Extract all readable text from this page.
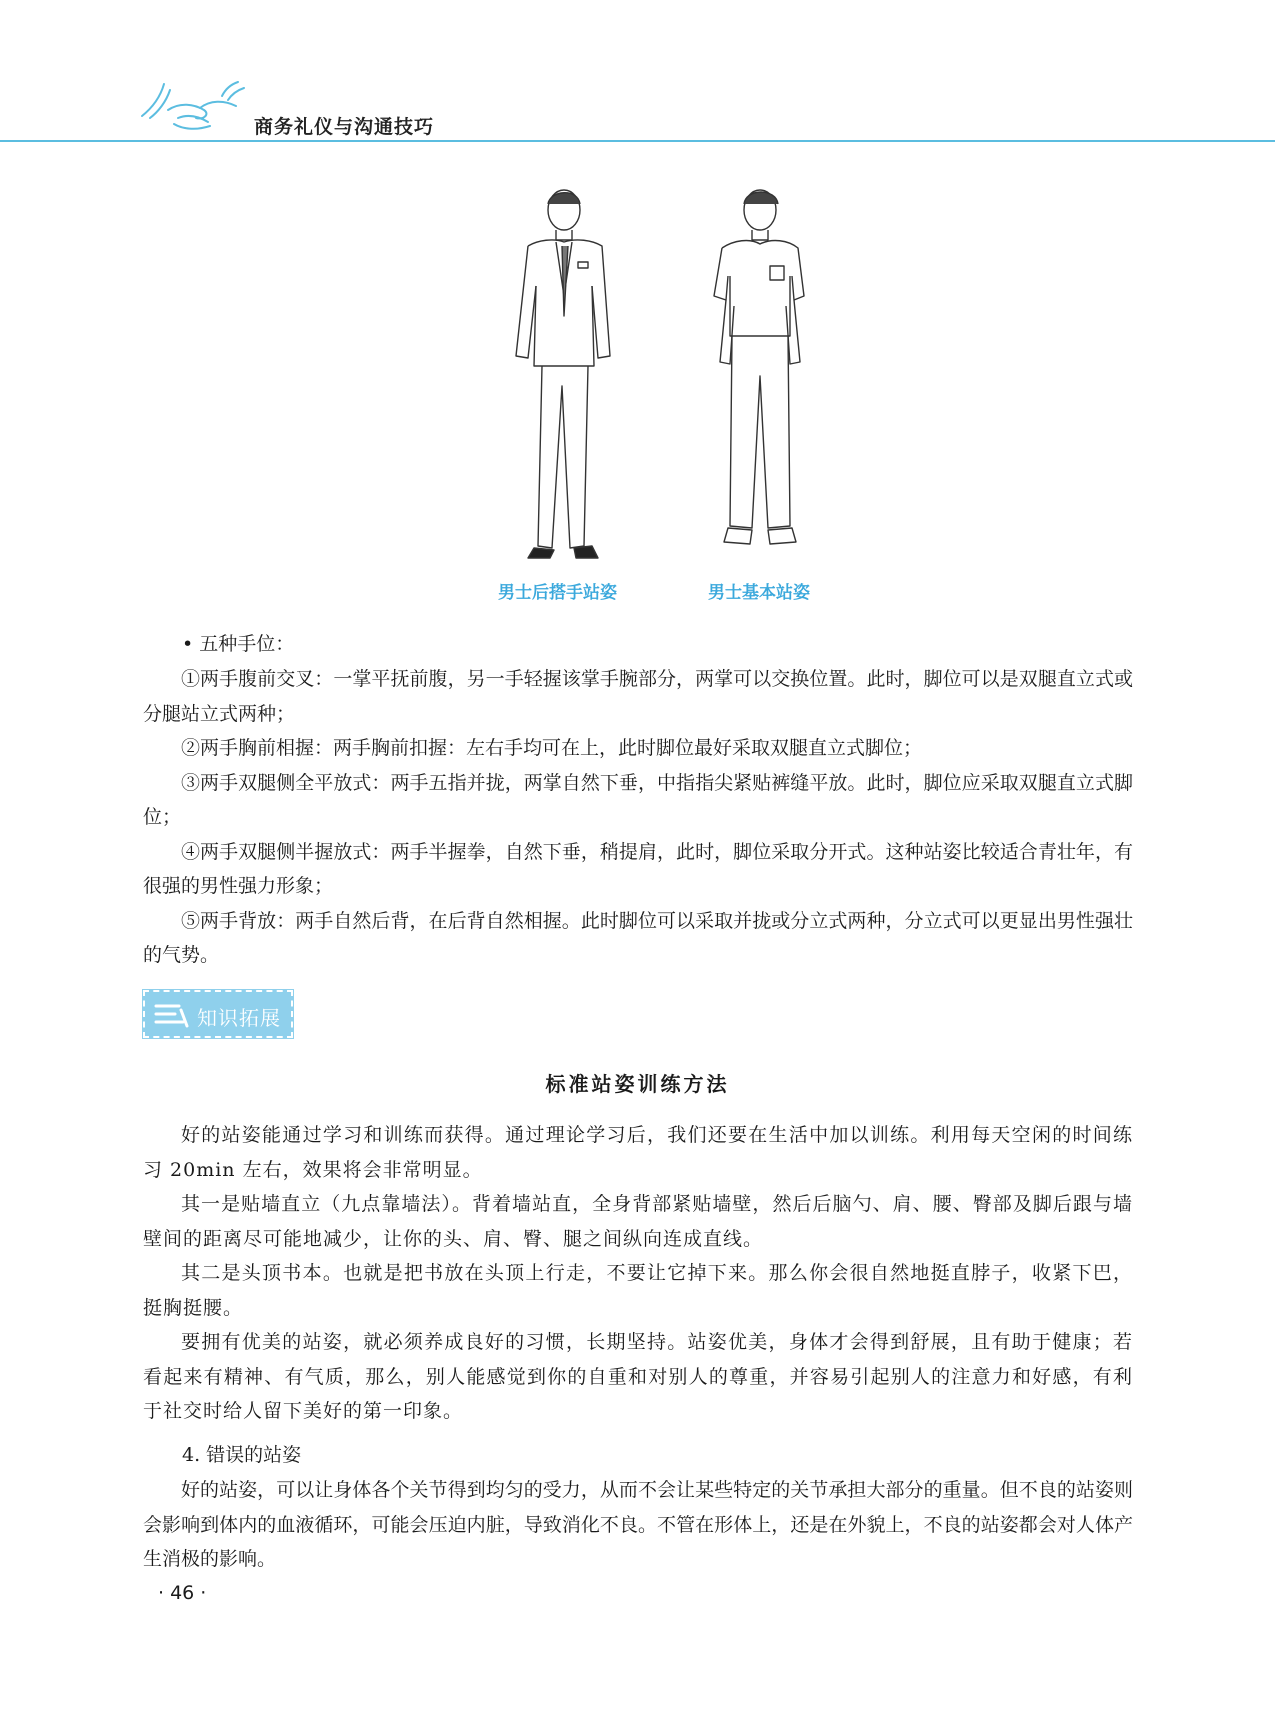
商务礼仪与沟通技巧
男士后搭手站姿	男士基本站姿
• 五种手位：
①两手腹前交叉：一掌平抚前腹，另一手轻握该掌手腕部分，两掌可以交换位置。此时，脚位可以是双腿直立式或分腿站立式两种；
②两手胸前相握：两手胸前扣握：左右手均可在上，此时脚位最好采取双腿直立式脚位；
③两手双腿侧全平放式：两手五指并拢，两掌自然下垂，中指指尖紧贴裤缝平放。此时，脚位应采取双腿直立式脚位；
④两手双腿侧半握放式：两手半握拳，自然下垂，稍提肩，此时，脚位采取分开式。这种站姿比较适合青壮年，有很强的男性强力形象；
⑤两手背放：两手自然后背，在后背自然相握。此时脚位可以采取并拢或分立式两种，分立式可以更显出男性强壮的气势。
知识拓展
标准站姿训练方法
好的站姿能通过学习和训练而获得。通过理论学习后，我们还要在生活中加以训练。利用每天空闲的时间练习 20min 左右，效果将会非常明显。
其一是贴墙直立（九点靠墙法）。背着墙站直，全身背部紧贴墙壁，然后后脑勺、肩、腰、臀部及脚后跟与墙壁间的距离尽可能地减少，让你的头、肩、臀、腿之间纵向连成直线。
其二是头顶书本。也就是把书放在头顶上行走，不要让它掉下来。那么你会很自然地挺直脖子，收紧下巴，挺胸挺腰。
要拥有优美的站姿，就必须养成良好的习惯，长期坚持。站姿优美，身体才会得到舒展，且有助于健康；若看起来有精神、有气质，那么，别人能感觉到你的自重和对别人的尊重，并容易引起别人的注意力和好感，有利于社交时给人留下美好的第一印象。
4. 错误的站姿
好的站姿，可以让身体各个关节得到均匀的受力，从而不会让某些特定的关节承担大部分的重量。但不良的站姿则会影响到体内的血液循环，可能会压迫内脏，导致消化不良。不管在形体上，还是在外貌上，不良的站姿都会对人体产生消极的影响。
· 46 ·
